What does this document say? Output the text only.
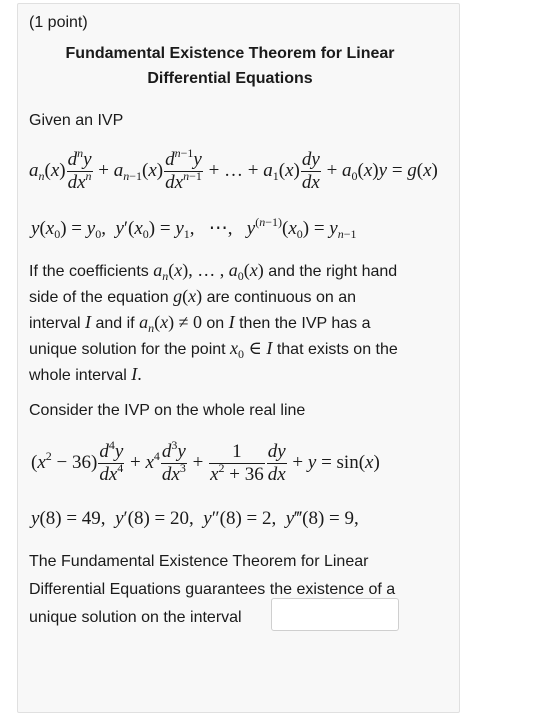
(1 point)
Fundamental Existence Theorem for Linear
Differential Equations
Given an IVP
$a_n(x) \frac{d^ny}{dx^n} + a_{n-1}(x) \frac{d^{n-1}y}{dx^{n-1}}$ + … + $a_1(x) \frac{dy}{dx} + a_0(x)y = g(x)$
$y(x_0) = y_0$,  $y'(x_0) = y_1$,   ⋯,   $y^{(n-1)}(x_0) = y_{n-1}$
If the coefficients $a_n(x)$, … , $a_0(x)$ and the right hand
side of the equation g(x) are continuous on an
interval I and if $a_n(x) \ne 0$ on I then the IVP has a
unique solution for the point $x_0$ ∈ I that exists on the
whole interval I.
Consider the IVP on the whole real line
$(x^2 - 36) \frac{d^4y}{dx^4} + x^4 \frac{d^3y}{dx^3} + \frac{1}{x^2 + 36} \frac{dy}{dx} + y = \sin(x)$
y(8) = 49,  y′(8) = 20,  y″(8) = 2,  y‴(8) = 9,
The Fundamental Existence Theorem for Linear
Differential Equations guarantees the existence of a
unique solution on the interval
